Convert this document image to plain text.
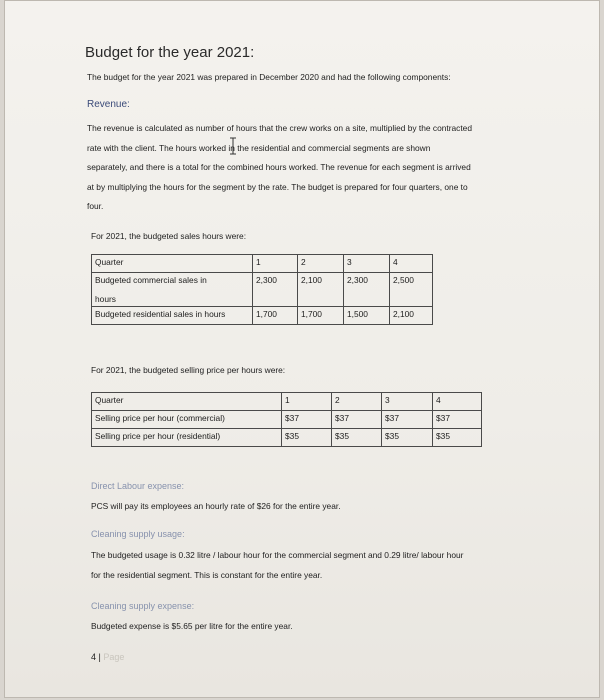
Budget for the year 2021:
The budget for the year 2021 was prepared in December 2020 and had the following components:
Revenue:
The revenue is calculated as number of hours that the crew works on a site, multiplied by the contracted
rate with the client. The hours worked in the residential and commercial segments are shown
separately, and there is a total for the combined hours worked. The revenue for each segment is arrived
at by multiplying the hours for the segment by the rate. The budget is prepared for four quarters, one to
four.
For 2021, the budgeted sales hours were:
Quarter	1	2	3	4

Budgeted commercial sales in
hours	2,300	2,100	2,300	2,500
Budgeted residential sales in hours	1,700	1,700	1,500	2,100
For 2021, the budgeted selling price per hours were:
Quarter	1	2	3	4
Selling price per hour (commercial)	$37	$37	$37	$37
Selling price per hour (residential)	$35	$35	$35	$35
Direct Labour expense:
PCS will pay its employees an hourly rate of $26 for the entire year.
Cleaning supply usage:
The budgeted usage is 0.32 litre / labour hour for the commercial segment and 0.29 litre/ labour hour
for the residential segment. This is constant for the entire year.
Cleaning supply expense:
Budgeted expense is $5.65 per litre for the entire year.
4 | Page
